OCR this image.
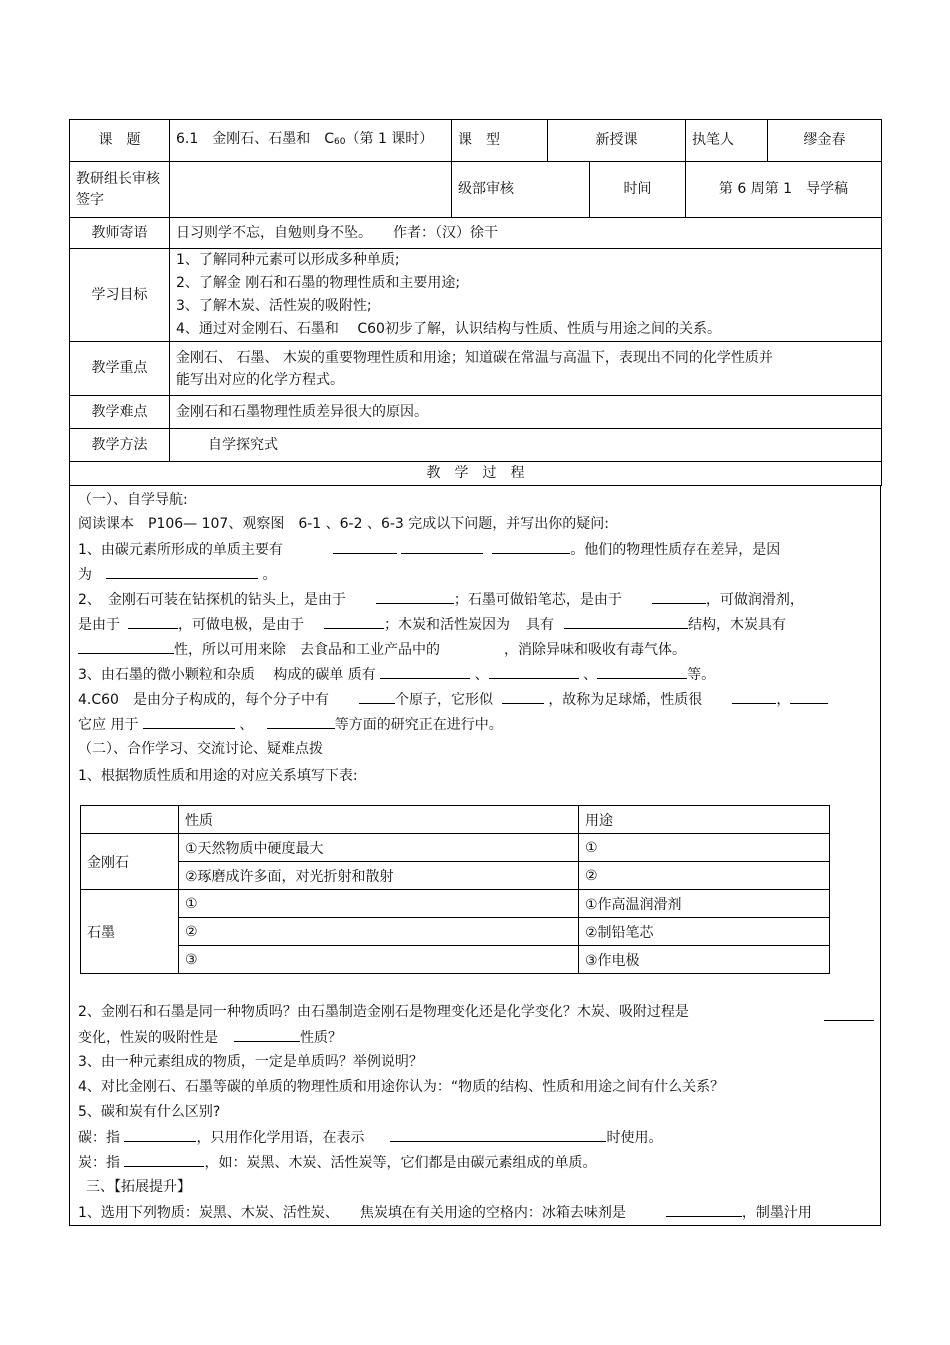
课　题	6.1　金刚石、石墨和　C60（第 1 课时）	课　型	新授课		执笔人	缪金春
教研组长审核签字		级部审核		时间	第 6 周第 1　导学稿	
教师寄语	日习则学不忘，自勉则身不坠。　　作者：（汉）徐干					
学习目标	1、了解同种元素可以形成多种单质;
2、了解金 刚石和石墨的物理性质和主要用途;
3、了解木炭、活性炭的吸附性;
4、通过对金刚石、石墨和　 C60初步了解，认识结构与性质、性质与用途之间的关系。					

教学重点	金刚石、 石墨、 木炭的重要物理性质和用途；知道碳在常温与高温下，表现出不同的化学性质并
能写出对应的化学方程式。					

教学难点	金刚石和石墨物理性质差异很大的原因。					
教学方法	自学探究式					
教　学　过　程						
（一）、自学导航:
阅读课本　P106— 107、观察图　6-1 、6-2 、6-3 完成以下问题，并写出你的疑问:
1、由碳元素所形成的单质主要有	。他们的物理性质存在差异，是因
为	。
2、　金刚石可装在钻探机的钻头上，是由于	；石墨可做铅笔芯，是由于	，可做润滑剂，
是由于	，可做电极，是由于	；木炭和活性炭因为 具有	结构，木炭具有
性，所以可用来除　去食品和工业产品中的	，消除异味和吸收有毒气体。
3、由石墨的微小颗粒和杂质　 构成的碳单 质有	、	、	等。
4.C60　是由分子构成的，每个分子中有	个原子，它形似	，故称为足球烯，性质很	，
它应 用于	、	等方面的研究正在进行中。
（二）、合作学习、交流讨论、疑难点拨
1、根据物质性质和用途的对应关系填写下表:
	性质	用途
金刚石	①天然物质中硬度最大	①
	②琢磨成许多面，对光折射和散射	②
石墨	①	①作高温润滑剂
	②	②制铅笔芯
	③	③作电极
2、金刚石和石墨是同一种物质吗？由石墨制造金刚石是物理变化还是化学变化？木炭、吸附过程是
变化，性炭的吸附性是	性质？
3、由一种元素组成的物质，一定是单质吗？举例说明？
4、对比金刚石、石墨等碳的单质的物理性质和用途你认为：“物质的结构、性质和用途之间有什么关系？
5、碳和炭有什么区别?
碳：指	，只用作化学用语，在表示	时使用。
炭：指	，如：炭黑、木炭、活性炭等，它们都是由碳元素组成的单质。
三、【拓展提升】
1、选用下列物质：炭黑、木炭、活性炭、　　焦炭填在有关用途的空格内：冰箱去味剂是	，制墨汁用
